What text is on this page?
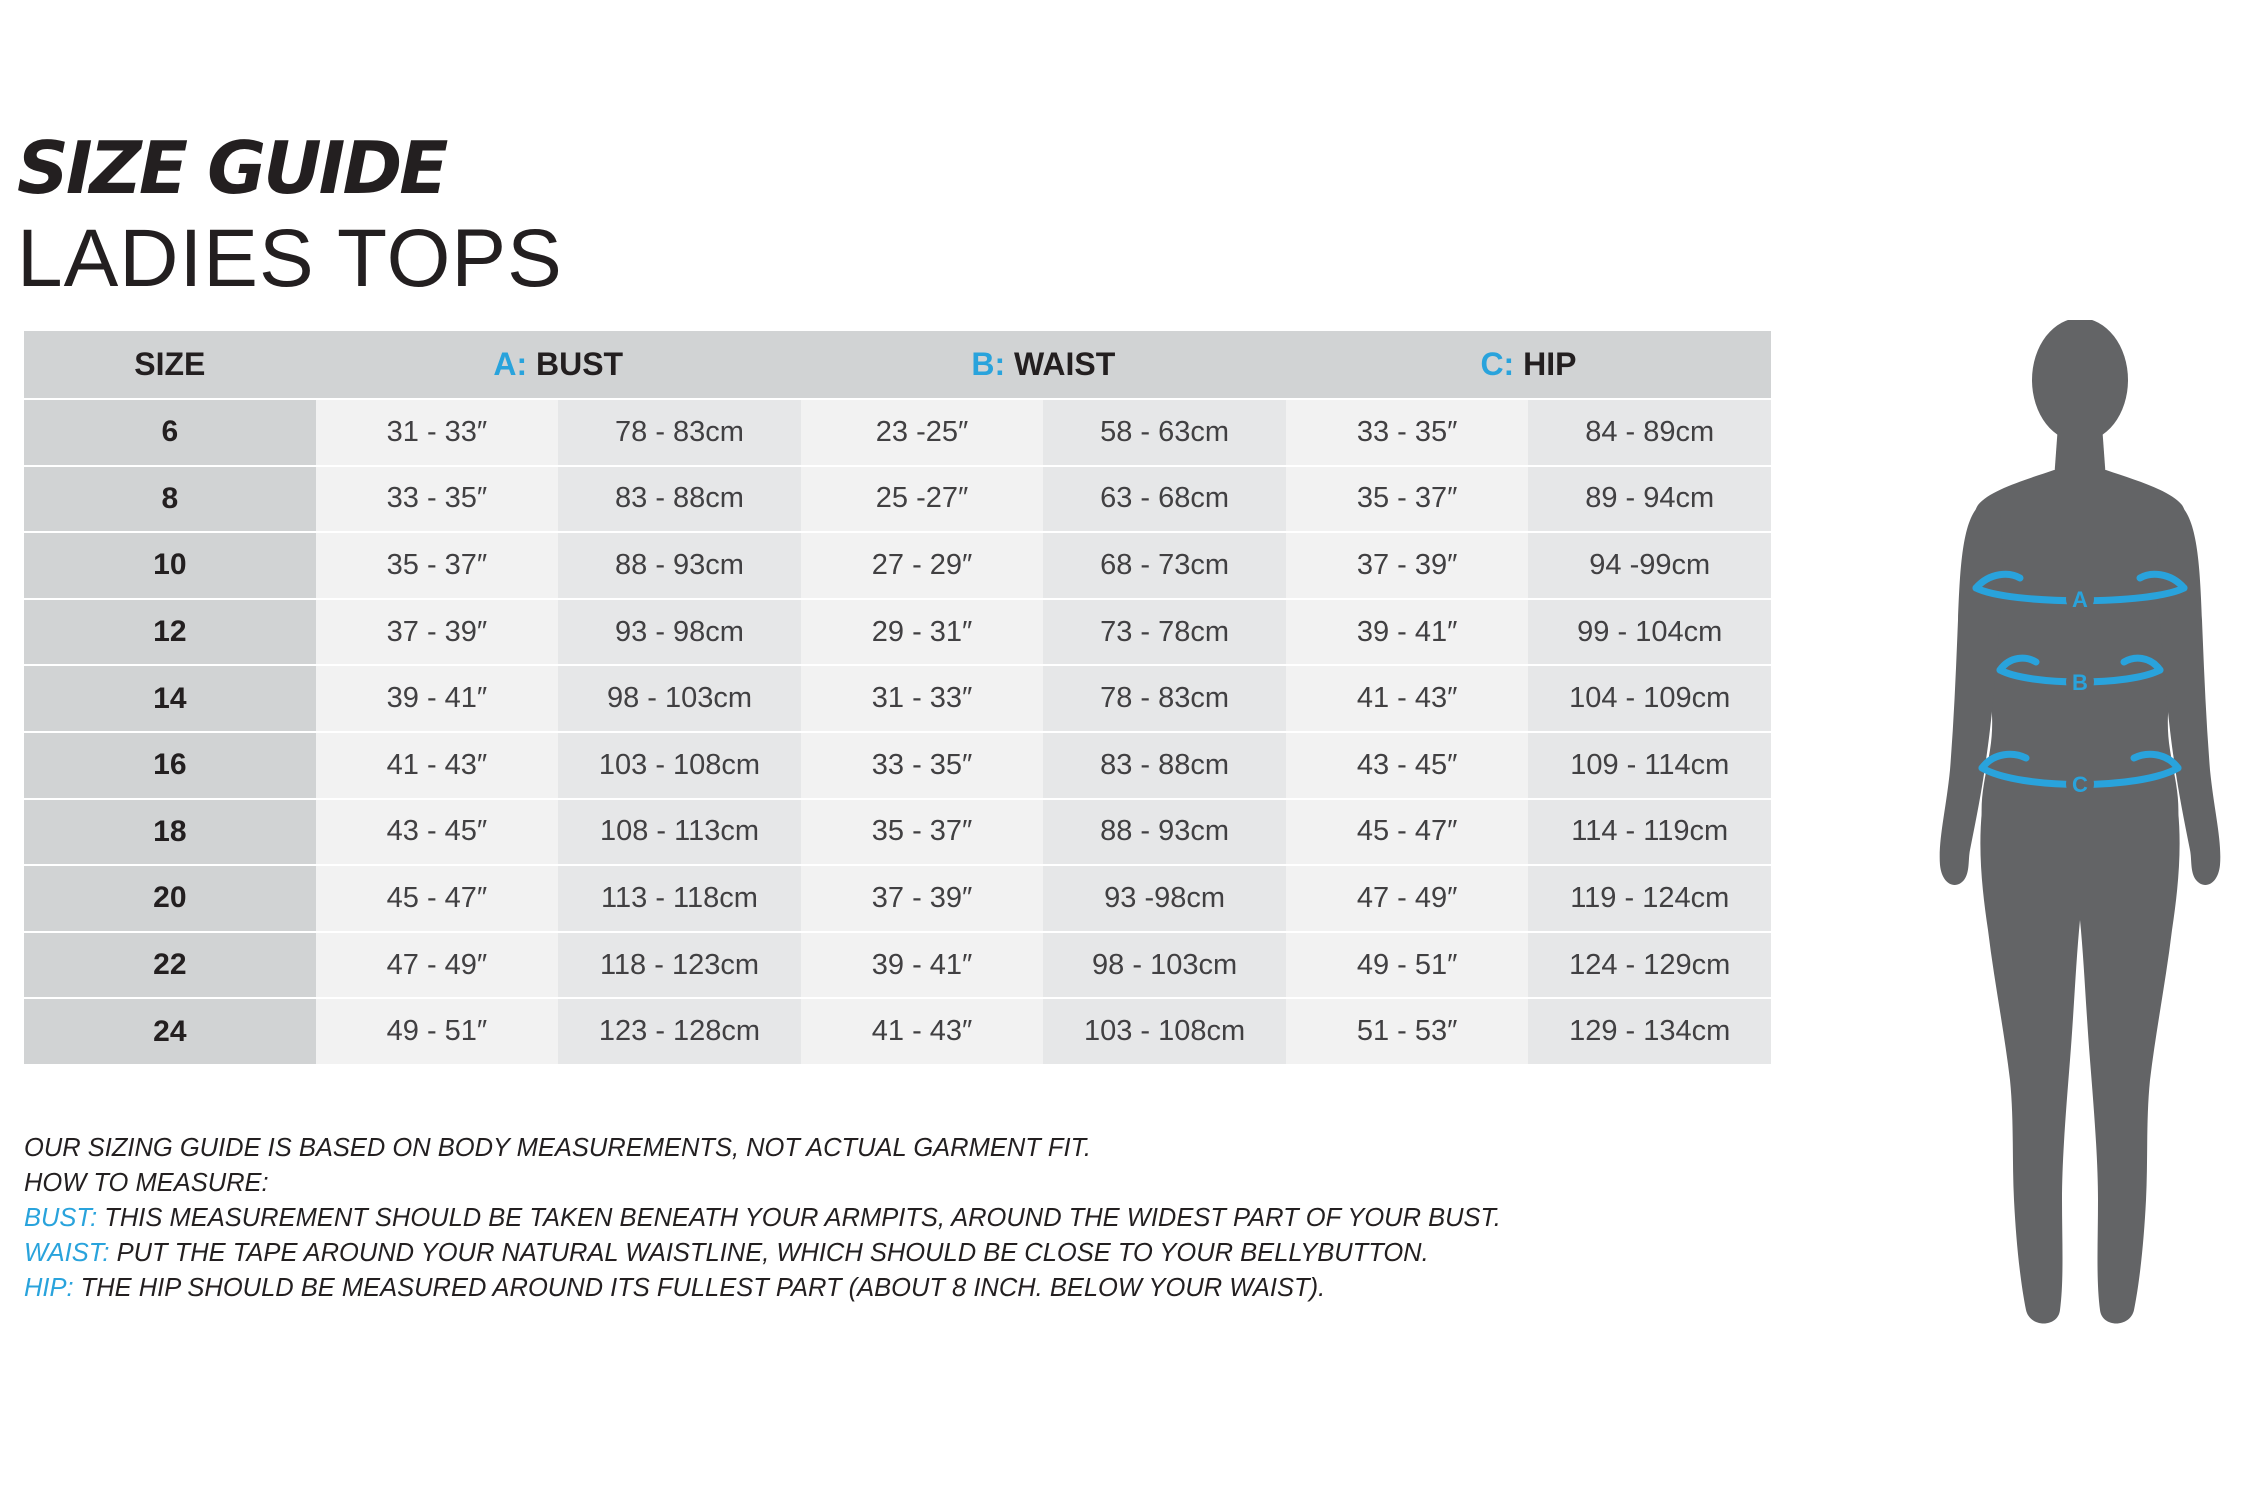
SIZE GUIDE
LADIES TOPS
SIZE	A: BUST		B: WAIST		C: HIP	
6	31 - 33″	78 - 83cm	23 -25″	58 - 63cm	33 - 35″	84 - 89cm
8	33 - 35″	83 - 88cm	25 -27″	63 - 68cm	35 - 37″	89 - 94cm
10	35 - 37″	88 - 93cm	27 - 29″	68 - 73cm	37 - 39″	94 -99cm
12	37 - 39″	93 - 98cm	29 - 31″	73 - 78cm	39 - 41″	99 - 104cm
14	39 - 41″	98 - 103cm	31 - 33″	78 - 83cm	41 - 43″	104 - 109cm
16	41 - 43″	103 - 108cm	33 - 35″	83 - 88cm	43 - 45″	109 - 114cm
18	43 - 45″	108 - 113cm	35 - 37″	88 - 93cm	45 - 47″	114 - 119cm
20	45 - 47″	113 - 118cm	37 - 39″	93 -98cm	47 - 49″	119 - 124cm
22	47 - 49″	118 - 123cm	39 - 41″	98 - 103cm	49 - 51″	124 - 129cm
24	49 - 51″	123 - 128cm	41 - 43″	103 - 108cm	51 - 53″	129 - 134cm
OUR SIZING GUIDE IS BASED ON BODY MEASUREMENTS, NOT ACTUAL GARMENT FIT.
HOW TO MEASURE:
BUST: THIS MEASUREMENT SHOULD BE TAKEN BENEATH YOUR ARMPITS, AROUND THE WIDEST PART OF YOUR BUST.
WAIST: PUT THE TAPE AROUND YOUR NATURAL WAISTLINE, WHICH SHOULD BE CLOSE TO YOUR BELLYBUTTON.
HIP: THE HIP SHOULD BE MEASURED AROUND ITS FULLEST PART (ABOUT 8 INCH. BELOW YOUR WAIST).
A
B
C
